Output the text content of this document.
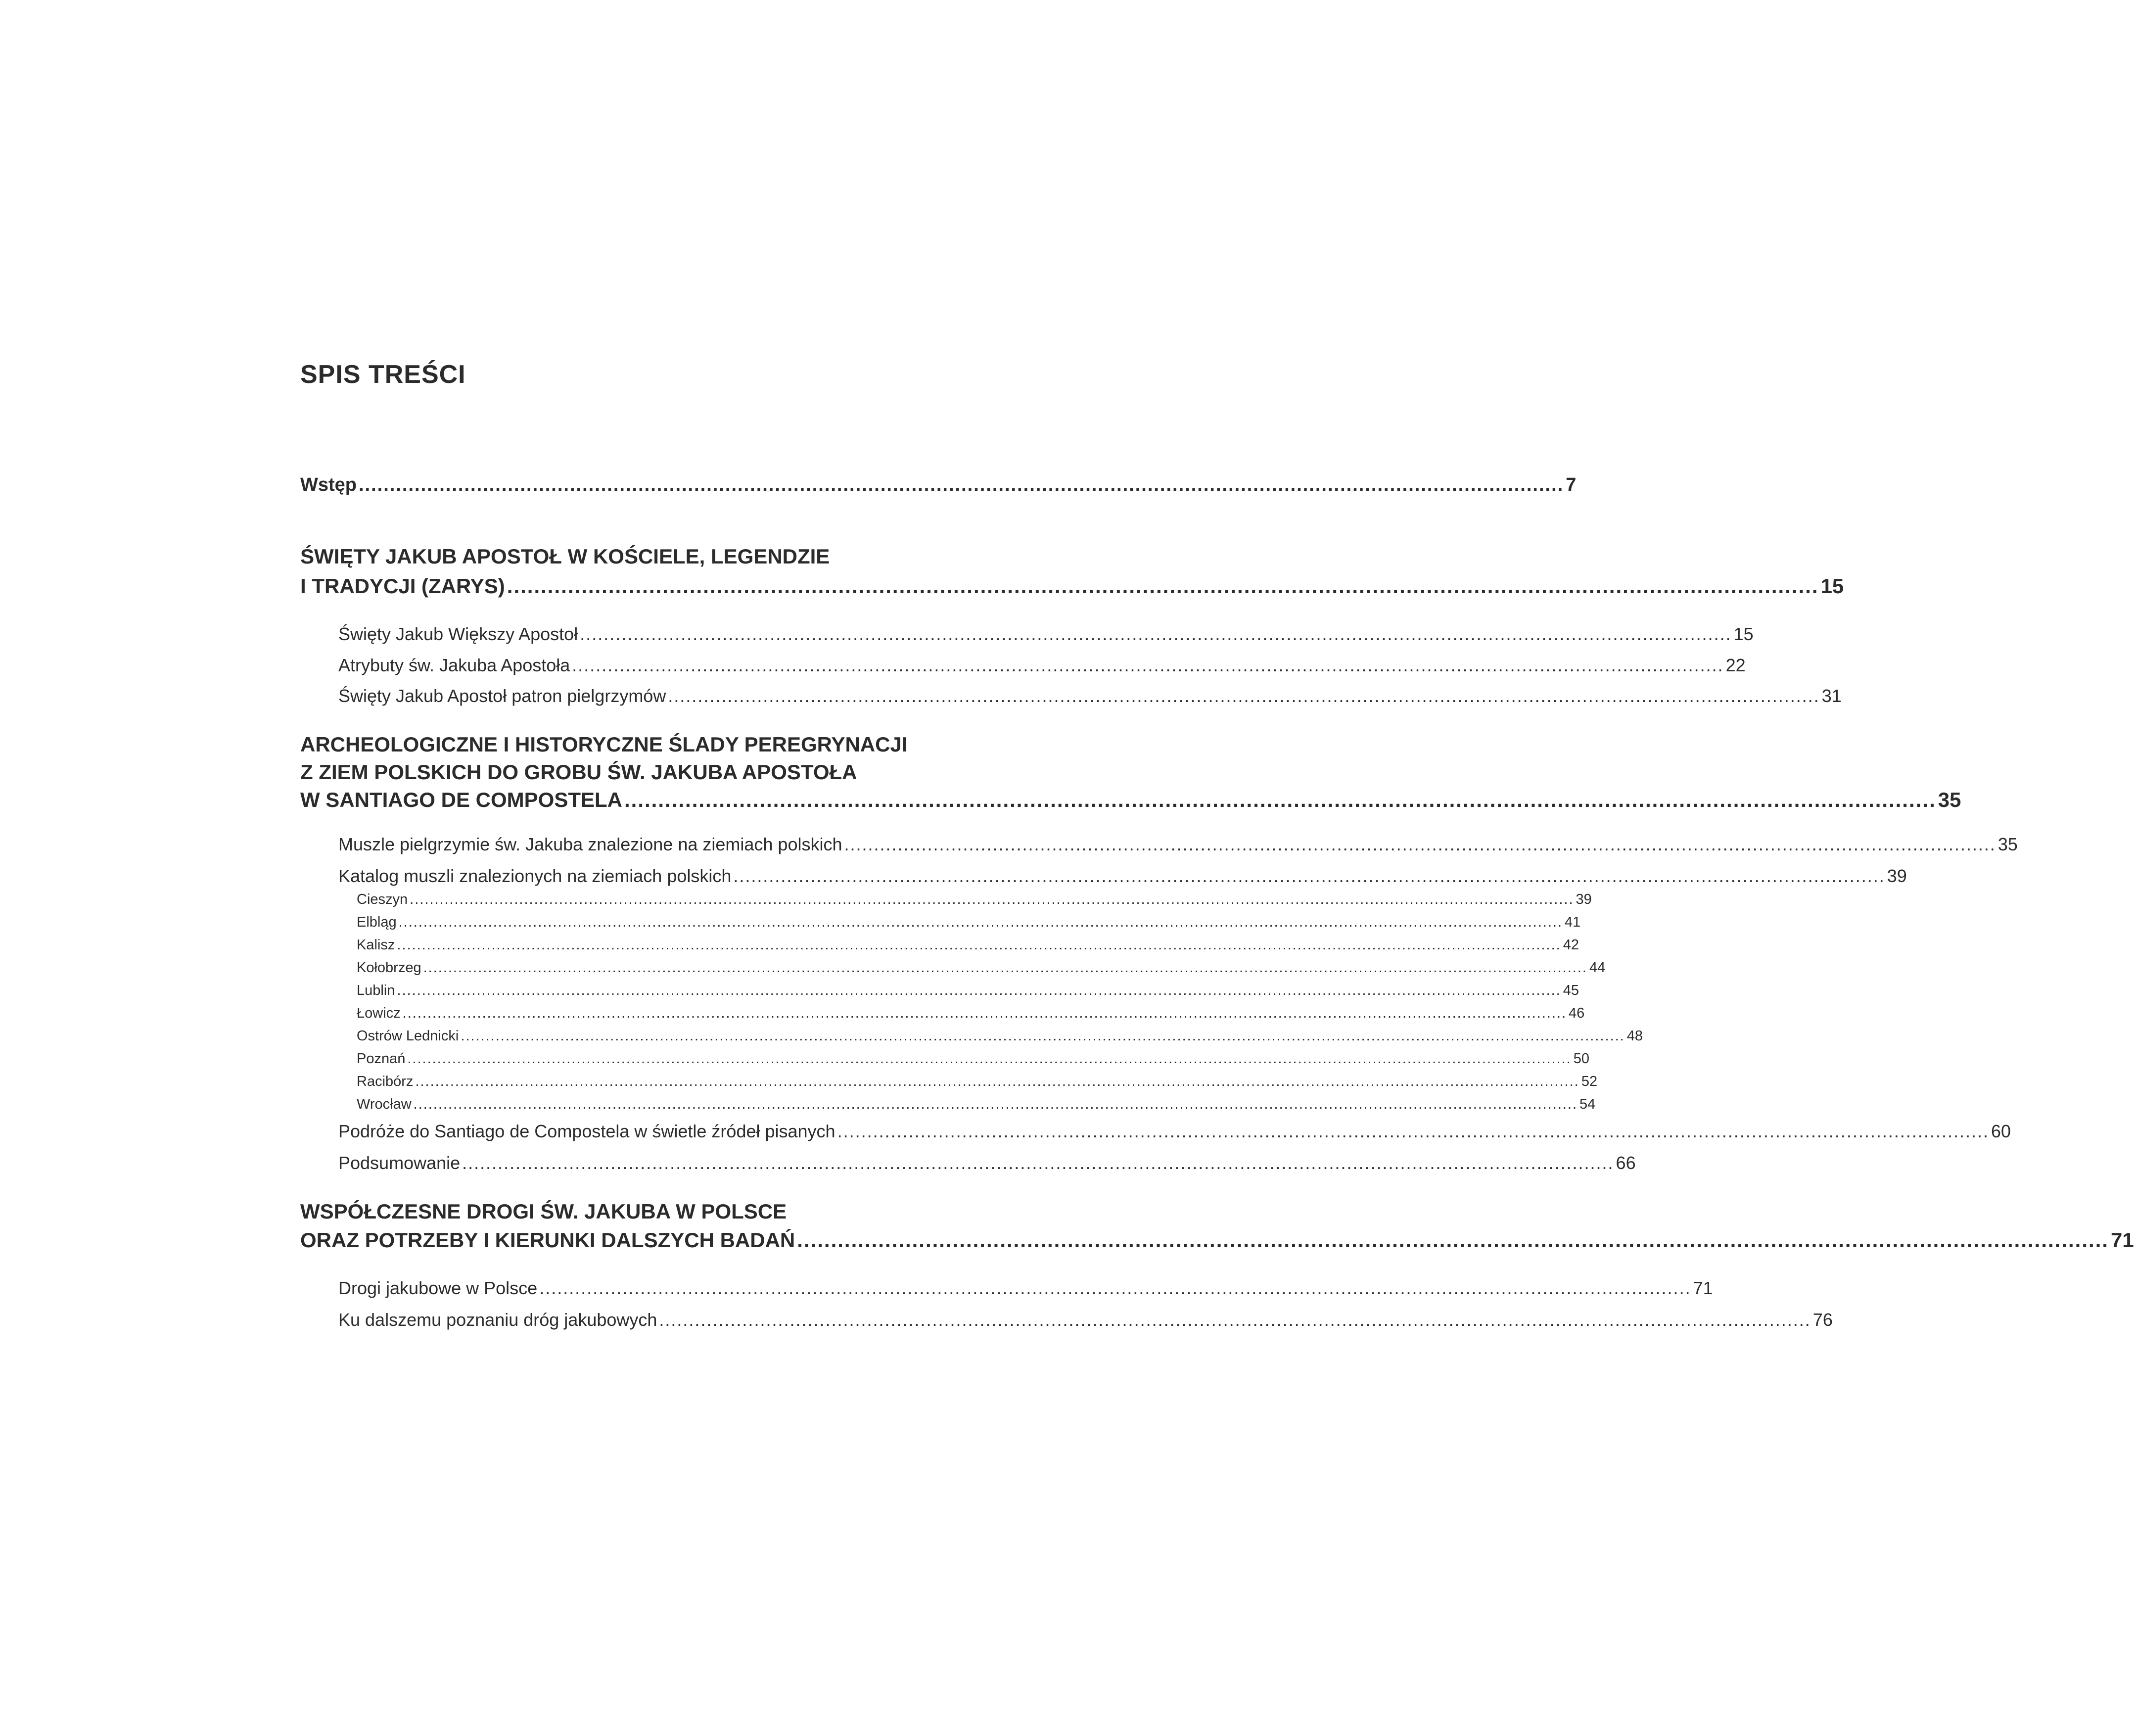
SPIS TREŚCI
Wstęp .................................................................................................................................................................................................. 7
ŚWIĘTY JAKUB APOSTOŁ W KOŚCIELE, LEGENDZIE
I TRADYCJI (ZARYS) .................................................................................................................................................................................................. 15
Święty Jakub Większy Apostoł .................................................................................................................................................................................................. 15
Atrybuty św. Jakuba Apostoła .................................................................................................................................................................................................. 22
Święty Jakub Apostoł patron pielgrzymów .................................................................................................................................................................................................. 31
ARCHEOLOGICZNE I HISTORYCZNE ŚLADY PEREGRYNACJI
Z ZIEM POLSKICH DO GROBU ŚW. JAKUBA APOSTOŁA
W SANTIAGO DE COMPOSTELA .................................................................................................................................................................................................. 35
Muszle pielgrzymie św. Jakuba znalezione na ziemiach polskich .................................................................................................................................................................................................. 35
Katalog muszli znalezionych na ziemiach polskich .................................................................................................................................................................................................. 39
Cieszyn .......................................................................................................................................................................................................................................... 39
Elbląg .......................................................................................................................................................................................................................................... 41
Kalisz .......................................................................................................................................................................................................................................... 42
Kołobrzeg .......................................................................................................................................................................................................................................... 44
Lublin .......................................................................................................................................................................................................................................... 45
Łowicz .......................................................................................................................................................................................................................................... 46
Ostrów Lednicki .......................................................................................................................................................................................................................................... 48
Poznań .......................................................................................................................................................................................................................................... 50
Racibórz .......................................................................................................................................................................................................................................... 52
Wrocław .......................................................................................................................................................................................................................................... 54
Podróże do Santiago de Compostela w świetle źródeł pisanych .................................................................................................................................................................................................. 60
Podsumowanie .................................................................................................................................................................................................. 66
WSPÓŁCZESNE DROGI ŚW. JAKUBA W POLSCE
ORAZ POTRZEBY I KIERUNKI DALSZYCH BADAŃ .................................................................................................................................................................................................. 71
Drogi jakubowe w Polsce .................................................................................................................................................................................................. 71
Ku dalszemu poznaniu dróg jakubowych .................................................................................................................................................................................................. 76
